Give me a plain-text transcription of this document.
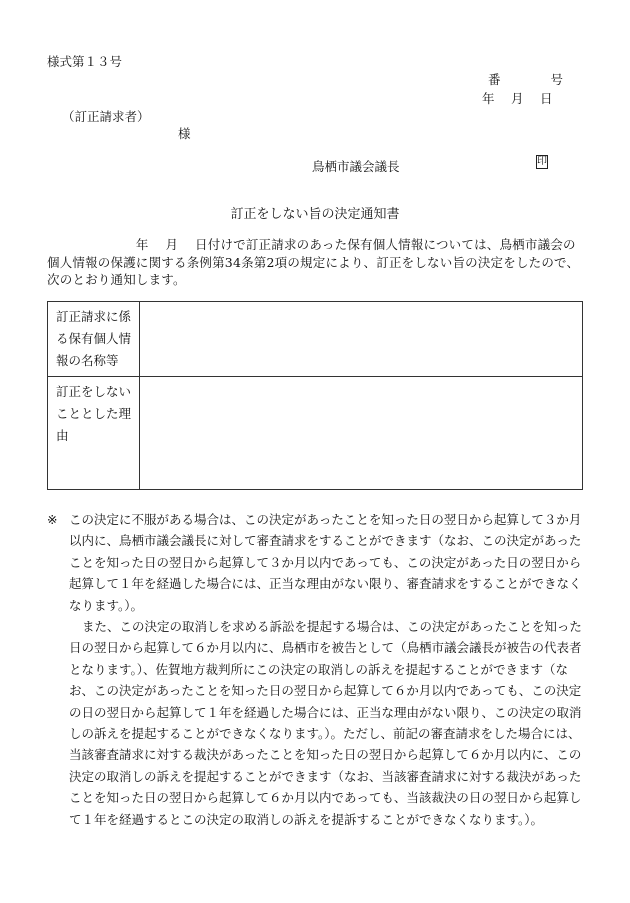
様式第１３号
番　　　　号
年　 月　 日
（訂正請求者）
様
鳥栖市議会議長	印
訂正をしない旨の決定通知書
　　　　　　　年　 月　 日付けで訂正請求のあった保有個人情報については、鳥栖市議会の個人情報の保護に関する条例第34条第2項の規定により、訂正をしない旨の決定をしたので、次のとおり通知します。
訂正請求に係る保有個人情報の名称等	
訂正をしないこととした理由	

※ この決定に不服がある場合は、この決定があったことを知った日の翌日から起算して３か月以内に、鳥栖市議会議長に対して審査請求をすることができます（なお、この決定があったことを知った日の翌日から起算して３か月以内であっても、この決定があった日の翌日から起算して１年を経過した場合には、正当な理由がない限り、審査請求をすることができなくなります。）。

また、この決定の取消しを求める訴訟を提起する場合は、この決定があったことを知った日の翌日から起算して６か月以内に、鳥栖市を被告として（鳥栖市議会議長が被告の代表者となります。）、佐賀地方裁判所にこの決定の取消しの訴えを提起することができます（なお、この決定があったことを知った日の翌日から起算して６か月以内であっても、この決定の日の翌日から起算して１年を経過した場合には、正当な理由がない限り、この決定の取消しの訴えを提起することができなくなります。）。ただし、前記の審査請求をした場合には、当該審査請求に対する裁決があったことを知った日の翌日から起算して６か月以内に、この決定の取消しの訴えを提起することができます（なお、当該審査請求に対する裁決があったことを知った日の翌日から起算して６か月以内であっても、当該裁決の日の翌日から起算して１年を経過するとこの決定の取消しの訴えを提訴することができなくなります。）。
